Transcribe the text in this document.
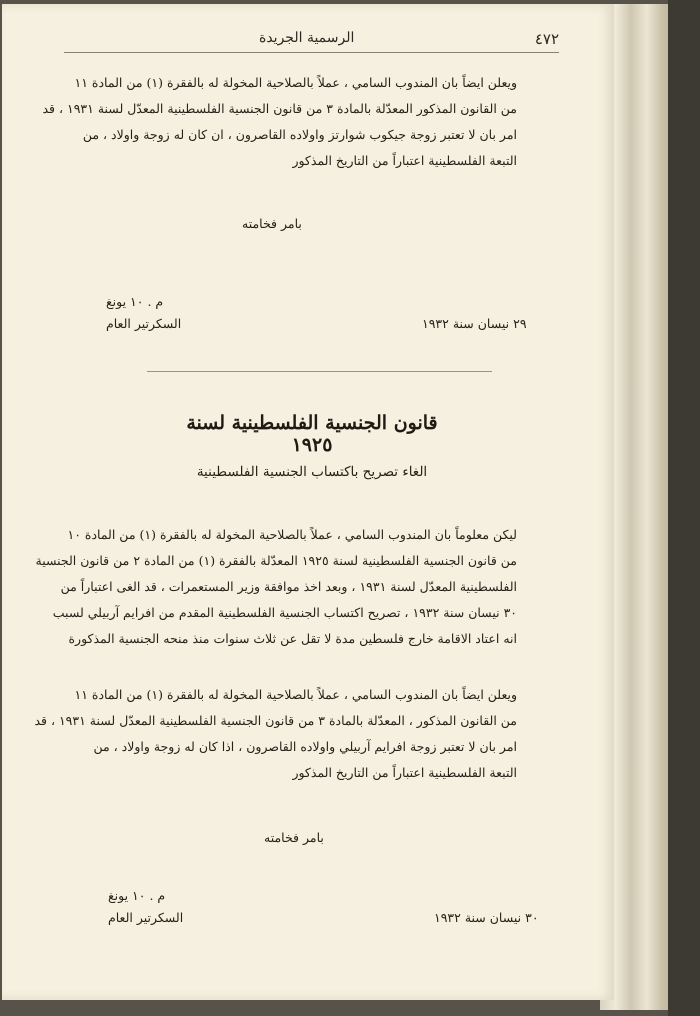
٤٧٢
الرسمية الجريدة
ويعلن ايضاً بان المندوب السامي ، عملاً بالصلاحية المخولة له بالفقرة (١) من المادة ١١
من القانون المذكور المعدّلة بالمادة ٣ من قانون الجنسية الفلسطينية المعدّل لسنة ١٩٣١ ، قد
امر بان لا تعتبر زوجة جيكوب شوارتز واولاده القاصرون ، ان كان له زوجة واولاد ، من
التبعة الفلسطينية اعتباراً من التاريخ المذكور
بامر فخامته
م . ١٠ يونغ
السكرتير العام	٢٩ نيسان سنة ١٩٣٢
قانون الجنسية الفلسطينية لسنة ١٩٢٥
الغاء تصريح باكتساب الجنسية الفلسطينية
ليكن معلوماً بان المندوب السامي ، عملاً بالصلاحية المخولة له بالفقرة (١) من المادة ١٠
من قانون الجنسية الفلسطينية لسنة ١٩٢٥ المعدّلة بالفقرة (١) من المادة ٢ من قانون الجنسية
الفلسطينية المعدّل لسنة ١٩٣١ ، وبعد اخذ موافقة وزير المستعمرات ، قد الغى اعتباراً من
٣٠ نيسان سنة ١٩٣٢ ، تصريح اكتساب الجنسية الفلسطينية المقدم من افرايم آربيلي لسبب
انه اعتاد الاقامة خارج فلسطين مدة لا تقل عن ثلاث سنوات منذ منحه الجنسية المذكورة
ويعلن ايضاً بان المندوب السامي ، عملاً بالصلاحية المخولة له بالفقرة (١) من المادة ١١
من القانون المذكور ، المعدّلة بالمادة ٣ من قانون الجنسية الفلسطينية المعدّل لسنة ١٩٣١ ، قد
امر بان لا تعتبر زوجة افرايم آربيلي واولاده القاصرون ، اذا كان له زوجة واولاد ، من
التبعة الفلسطينية اعتباراً من التاريخ المذكور
بامر فخامته
م . ١٠ يونغ
السكرتير العام	٣٠ نيسان سنة ١٩٣٢
